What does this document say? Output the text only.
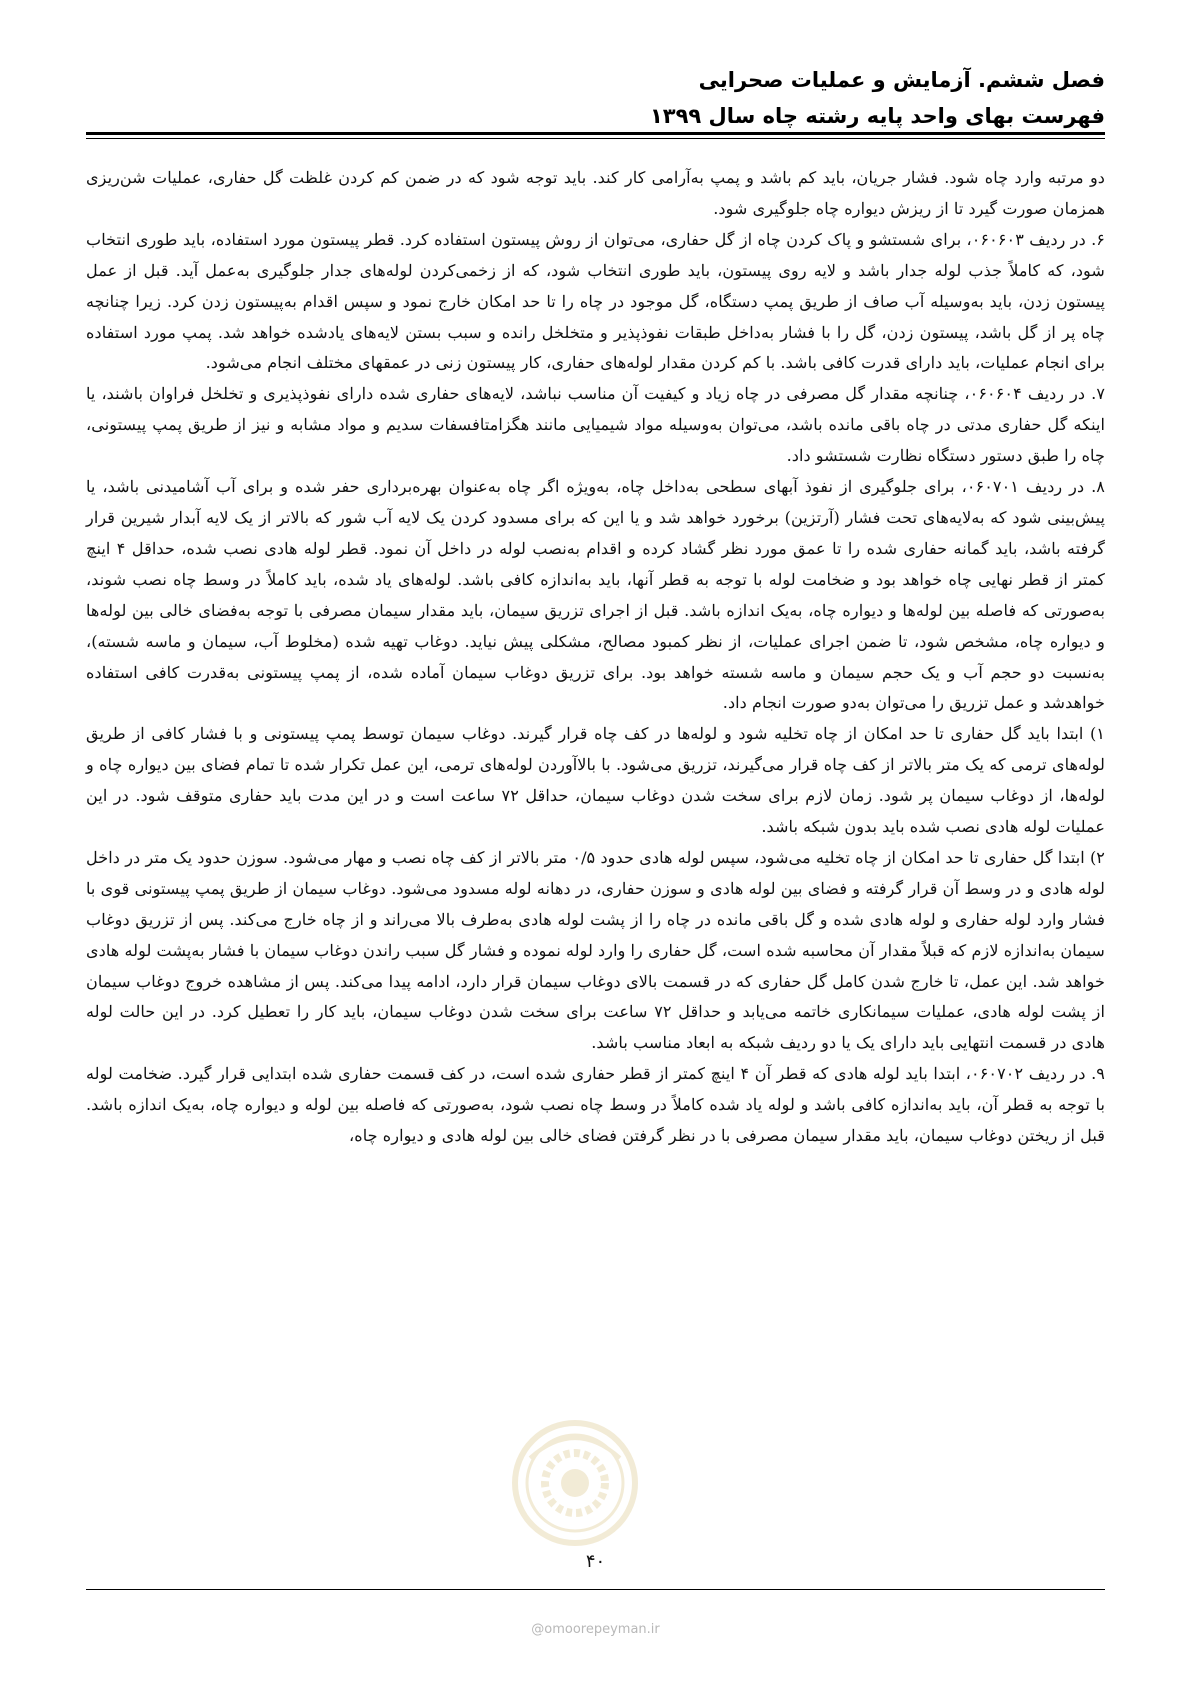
فصل ششم. آزمایش و عملیات صحرایی
فهرست بهای واحد پایه رشته چاه سال ۱۳۹۹

دو مرتبه وارد چاه شود. فشار جریان، باید کم باشد و پمپ به‌آرامی کار کند. باید توجه شود که در ضمن کم کردن غلظت گل حفاری، عملیات شن‌ریزی همزمان صورت گیرد تا از ریزش دیواره چاه جلوگیری شود.

۶. در ردیف ۰۶۰۶۰۳، برای شستشو و پاک کردن چاه از گل حفاری، می‌توان از روش پیستون استفاده کرد. قطر پیستون مورد استفاده، باید طوری انتخاب شود، که کاملاً جذب لوله جدار باشد و لایه روی پیستون، باید طوری انتخاب شود، که از زخمی‌کردن لوله‌های جدار جلوگیری به‌عمل آید. قبل از عمل پیستون زدن، باید به‌وسیله آب صاف از طریق پمپ دستگاه، گل موجود در چاه را تا حد امکان خارج نمود و سپس اقدام به‌پیستون زدن کرد. زیرا چنانچه چاه پر از گل باشد، پیستون زدن، گل را با فشار به‌داخل طبقات نفوذپذیر و متخلخل رانده و سبب بستن لایه‌های یادشده خواهد شد. پمپ مورد استفاده برای انجام عملیات، باید دارای قدرت کافی باشد. با کم کردن مقدار لوله‌های حفاری، کار پیستون زنی در عمقهای مختلف انجام می‌شود.

۷. در ردیف ۰۶۰۶۰۴، چنانچه مقدار گل مصرفی در چاه زیاد و کیفیت آن مناسب نباشد، لایه‌های حفاری شده دارای نفوذپذیری و تخلخل فراوان باشند، یا اینکه گل حفاری مدتی در چاه باقی مانده باشد، می‌توان به‌وسیله مواد شیمیایی مانند هگزامتافسفات سدیم و مواد مشابه و نیز از طریق پمپ پیستونی، چاه را طبق دستور دستگاه نظارت شستشو داد.

۸. در ردیف ۰۶۰۷۰۱، برای جلوگیری از نفوذ آبهای سطحی به‌داخل چاه، به‌ویژه اگر چاه به‌عنوان بهره‌برداری حفر شده و برای آب آشامیدنی باشد، یا پیش‌بینی شود که به‌لایه‌های تحت فشار (آرتزین) برخورد خواهد شد و یا این که برای مسدود کردن یک لایه آب شور که بالاتر از یک لایه آبدار شیرین قرار گرفته باشد، باید گمانه حفاری شده را تا عمق مورد نظر گشاد کرده و اقدام به‌نصب لوله در داخل آن نمود. قطر لوله هادی نصب شده، حداقل ۴ اینچ کمتر از قطر نهایی چاه خواهد بود و ضخامت لوله با توجه به قطر آنها، باید به‌اندازه کافی باشد. لوله‌های یاد شده، باید کاملاً در وسط چاه نصب شوند، به‌صورتی که فاصله بین لوله‌ها و دیواره چاه، به‌یک اندازه باشد. قبل از اجرای تزریق سیمان، باید مقدار سیمان مصرفی با توجه به‌فضای خالی بین لوله‌ها و دیواره چاه، مشخص شود، تا ضمن اجرای عملیات، از نظر کمبود مصالح، مشکلی پیش نیاید. دوغاب تهیه شده (مخلوط آب، سیمان و ماسه شسته)، به‌نسبت دو حجم آب و یک حجم سیمان و ماسه شسته خواهد بود. برای تزریق دوغاب سیمان آماده شده، از پمپ پیستونی به‌قدرت کافی استفاده خواهدشد و عمل تزریق را می‌توان به‌دو صورت انجام داد.

۱) ابتدا باید گل حفاری تا حد امکان از چاه تخلیه شود و لوله‌ها در کف چاه قرار گیرند. دوغاب سیمان توسط پمپ پیستونی و با فشار کافی از طریق لوله‌های ترمی که یک متر بالاتر از کف چاه قرار می‌گیرند، تزریق می‌شود. با بالاآوردن لوله‌های ترمی، این عمل تکرار شده تا تمام فضای بین دیواره چاه و لوله‌ها، از دوغاب سیمان پر شود. زمان لازم برای سخت شدن دوغاب سیمان، حداقل ۷۲ ساعت است و در این مدت باید حفاری متوقف شود. در این عملیات لوله هادی نصب شده باید بدون شبکه باشد.

۲) ابتدا گل حفاری تا حد امکان از چاه تخلیه می‌شود، سپس لوله هادی حدود ۰/۵ متر بالاتر از کف چاه نصب و مهار می‌شود. سوزن حدود یک متر در داخل لوله هادی و در وسط آن قرار گرفته و فضای بین لوله هادی و سوزن حفاری، در دهانه لوله مسدود می‌شود. دوغاب سیمان از طریق پمپ پیستونی قوی با فشار وارد لوله حفاری و لوله هادی شده و گل باقی مانده در چاه را از پشت لوله هادی به‌طرف بالا می‌راند و از چاه خارج می‌کند. پس از تزریق دوغاب سیمان به‌اندازه لازم که قبلاً مقدار آن محاسبه شده است، گل حفاری را وارد لوله نموده و فشار گل سبب راندن دوغاب سیمان با فشار به‌پشت لوله هادی خواهد شد. این عمل، تا خارج شدن کامل گل حفاری که در قسمت بالای دوغاب سیمان قرار دارد، ادامه پیدا می‌کند. پس از مشاهده خروج دوغاب سیمان از پشت لوله هادی، عملیات سیمانکاری خاتمه می‌یابد و حداقل ۷۲ ساعت برای سخت شدن دوغاب سیمان، باید کار را تعطیل کرد. در این حالت لوله هادی در قسمت انتهایی باید دارای یک یا دو ردیف شبکه به ابعاد مناسب باشد.

۹. در ردیف ۰۶۰۷۰۲، ابتدا باید لوله هادی که قطر آن ۴ اینچ کمتر از قطر حفاری شده است، در کف قسمت حفاری شده ابتدایی قرار گیرد. ضخامت لوله با توجه به قطر آن، باید به‌اندازه کافی باشد و لوله یاد شده کاملاً در وسط چاه نصب شود، به‌صورتی که فاصله بین لوله و دیواره چاه، به‌یک اندازه باشد. قبل از ریختن دوغاب سیمان، باید مقدار سیمان مصرفی با در نظر گرفتن فضای خالی بین لوله هادی و دیواره چاه،

۴۰
@omoorepeyman.ir
